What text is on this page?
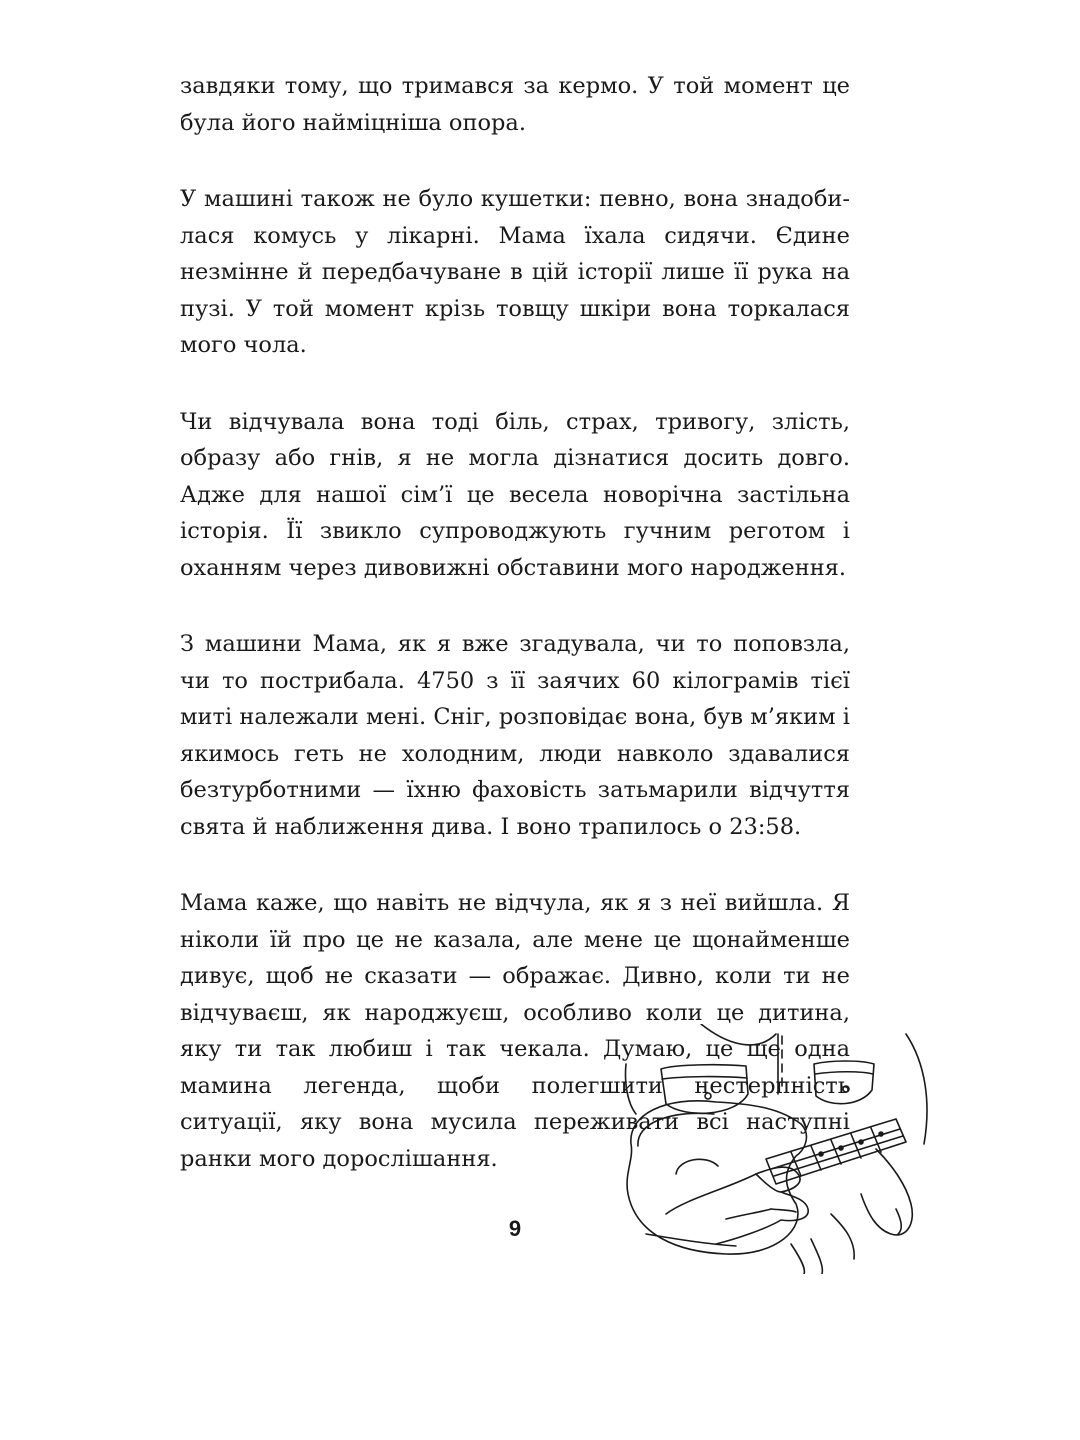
завдяки тому, що тримався за кермо. У той момент це була його наймiцнiша опора.

У машинi також не було кушетки: певно, вона знадобилася комусь у лiкарнi. Мама їхала сидячи. Єдине незмiнне й передбачуване в цiй iсторiї лише її рука на пузi. У той момент крiзь товщу шкiри вона торкалася мого чола.

Чи вiдчувала вона тодi бiль, страх, тривогу, злiсть, образу або гнiв, я не могла дiзнатися досить довго. Адже для нашої сiм’ї це весела новорiчна застiльна iсторiя. Її звикло супроводжують гучним реготом i оханням через дивовижнi обставини мого народження.

З машини Мама, як я вже згадувала, чи то поповзла, чи то пострибала. 4750 з її заячих 60 кiлограмiв тiєї митi належали менi. Снiг, розповiдає вона, був м’яким i якимось геть не холодним, люди навколо здавалися безтурботними — їхню фаховiсть затьмарили вiдчуття свята й наближення дива. I воно трапилось о 23:58.

Мама каже, що навiть не вiдчула, як я з неї вийшла. Я нiколи їй про це не казала, але мене це щонайменше дивує, щоб не сказати — ображає. Дивно, коли ти не вiдчуваєш, як народжуєш, особливо коли це дитина, яку ти так любиш i так чекала. Думаю, це ще одна мамина легенда, щоби полегшити нестерпнiсть ситуацiї, яку вона мусила переживати всi наступнi ранки мого дорослiшання.

9
